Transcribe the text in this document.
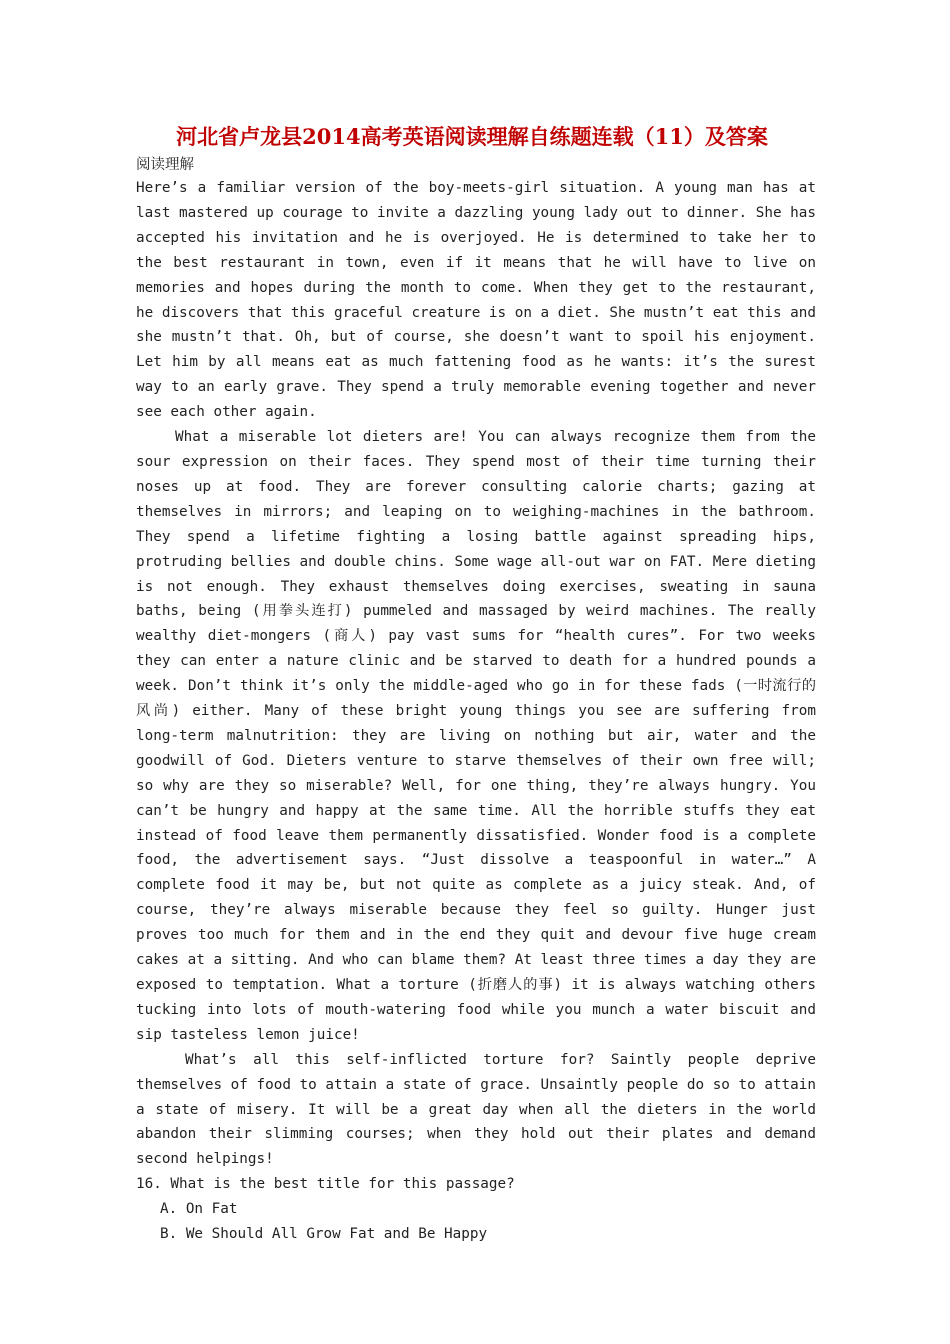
河北省卢龙县2014高考英语阅读理解自练题连载（11）及答案
阅读理解

Here’s a familiar version of the boy-meets-girl situation. A young man has at last mastered up courage to invite a dazzling young lady out to dinner. She has accepted his invitation and he is overjoyed. He is determined to take her to the best restaurant in town, even if it means that he will have to live on memories and hopes during the month to come. When they get to the restaurant, he discovers that this graceful creature is on a diet. She mustn’t eat this and she mustn’t that. Oh, but of course, she doesn’t want to spoil his enjoyment. Let him by all means eat as much fattening food as he wants: it’s the surest way to an early grave. They spend a truly memorable evening together and never see each other again.

What a miserable lot dieters are! You can always recognize them from the sour expression on their faces. They spend most of their time turning their noses up at food. They are forever consulting calorie charts; gazing at themselves in mirrors; and leaping on to weighing-machines in the bathroom. They spend a lifetime fighting a losing battle against spreading hips, protruding bellies and double chins. Some wage all-out war on FAT. Mere dieting is not enough. They exhaust themselves doing exercises, sweating in sauna baths, being (用拳头连打) pummeled and massaged by weird machines. The really wealthy diet-mongers (商人) pay vast sums for “health cures”. For two weeks they can enter a nature clinic and be starved to death for a hundred pounds a week. Don’t think it’s only the middle-aged who go in for these fads (一时流行的风尚) either. Many of these bright young things you see are suffering from long-term malnutrition: they are living on nothing but air, water and the goodwill of God. Dieters venture to starve themselves of their own free will; so why are they so miserable? Well, for one thing, they’re always hungry. You can’t be hungry and happy at the same time. All the horrible stuffs they eat instead of food leave them permanently dissatisfied. Wonder food is a complete food, the advertisement says. “Just dissolve a teaspoonful in water…” A complete food it may be, but not quite as complete as a juicy steak. And, of course, they’re always miserable because they feel so guilty. Hunger just proves too much for them and in the end they quit and devour five huge cream cakes at a sitting. And who can blame them? At least three times a day they are exposed to temptation. What a torture (折磨人的事) it is always watching others tucking into lots of mouth-watering food while you munch a water biscuit and sip tasteless lemon juice!

What’s all this self-inflicted torture for? Saintly people deprive themselves of food to attain a state of grace. Unsaintly people do so to attain a state of misery. It will be a great day when all the dieters in the world abandon their slimming courses; when they hold out their plates and demand second helpings!

16. What is the best title for this passage?
A. On Fat
B. We Should All Grow Fat and Be Happy
